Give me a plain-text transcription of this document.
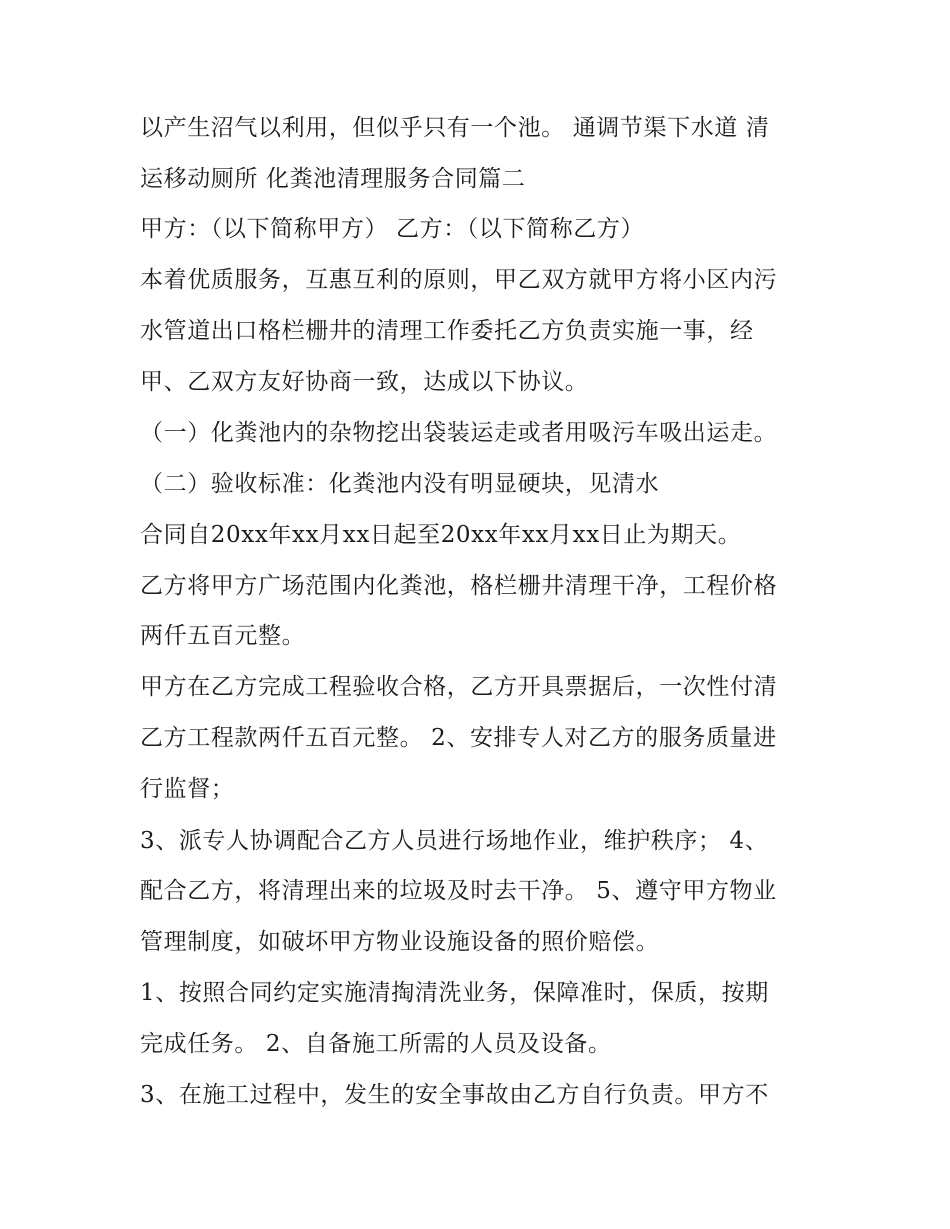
以产生沼气以利用，但似乎只有一个池。 通调节渠下水道 清
运移动厕所 化粪池清理服务合同篇二
甲方：（以下简称甲方） 乙方：（以下简称乙方）
本着优质服务，互惠互利的原则，甲乙双方就甲方将小区内污
水管道出口格栏栅井的清理工作委托乙方负责实施一事，经
甲、乙双方友好协商一致，达成以下协议。
（一）化粪池内的杂物挖出袋装运走或者用吸污车吸出运走。
（二）验收标准：化粪池内没有明显硬块，见清水
合同自20xx年xx月xx日起至20xx年xx月xx日止为期天。
乙方将甲方广场范围内化粪池，格栏栅井清理干净，工程价格
两仟五百元整。
甲方在乙方完成工程验收合格，乙方开具票据后，一次性付清
乙方工程款两仟五百元整。 2、安排专人对乙方的服务质量进
行监督；
3、派专人协调配合乙方人员进行场地作业，维护秩序； 4、
配合乙方，将清理出来的垃圾及时去干净。 5、遵守甲方物业
管理制度，如破坏甲方物业设施设备的照价赔偿。
1、按照合同约定实施清掏清洗业务，保障准时，保质，按期
完成任务。 2、自备施工所需的人员及设备。
3、在施工过程中，发生的安全事故由乙方自行负责。甲方不
